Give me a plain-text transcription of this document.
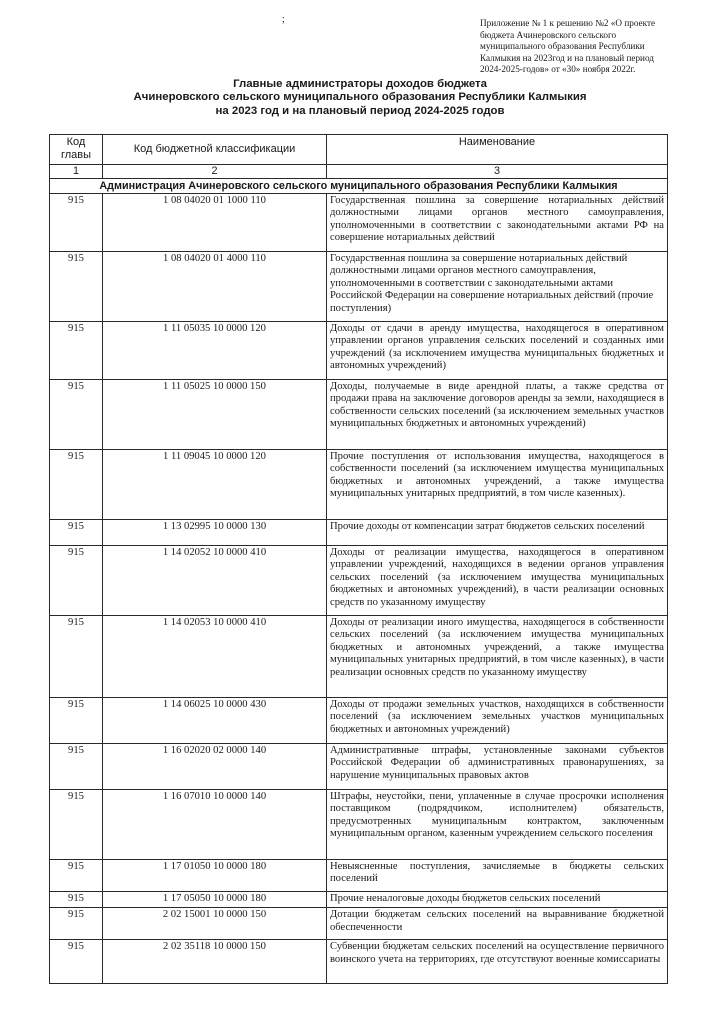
;	Приложение № 1 к решению №2 «О проекте
бюджета Ачинеровского сельского
муниципального образования Республики
Калмыкия на 2023год и на плановый период
2024-2025-годов» от «30» ноября 2022г.
Главные администраторы доходов бюджета
Ачинеровского сельского муниципального образования Республики Калмыкия
на 2023 год и на плановый период 2024-2025 годов
Код главы	Код бюджетной классификации	Наименование
1	2	3
Администрация Ачинеровского сельского муниципального образования Республики Калмыкия		
915	1 08 04020 01 1000 110	Государственная пошлина за совершение нотариальных действий должностными лицами органов местного самоуправления, уполномоченными в соответствии с законодательными актами РФ на совершение нотариальных действий
915	1 08 04020 01 4000 110	Государственная пошлина за совершение нотариальных действий должностными лицами органов местного самоуправления, уполномоченными в соответствии с законодательными актами Российской Федерации на совершение нотариальных действий (прочие поступления)
915	1 11 05035 10 0000 120	Доходы от сдачи в аренду имущества, находящегося в оперативном управлении органов управления сельских поселений и созданных ими учреждений (за исключением имущества муниципальных бюджетных и автономных учреждений)
915	1 11 05025 10 0000 150	Доходы, получаемые в виде арендной платы, а также средства от продажи права на заключение договоров аренды за земли, находящиеся в собственности сельских поселений (за исключением земельных участков муниципальных бюджетных и автономных учреждений)
915	1 11 09045 10 0000 120	Прочие поступления от использования имущества, находящегося в собственности поселений (за исключением имущества муниципальных бюджетных и автономных учреждений, а также имущества муниципальных унитарных предприятий, в том числе казенных).
915	1 13 02995 10 0000 130	Прочие доходы от компенсации затрат бюджетов сельских поселений
915	1 14 02052 10 0000 410	Доходы от реализации имущества, находящегося в оперативном управлении учреждений, находящихся в ведении органов управления сельских поселений (за исключением имущества муниципальных бюджетных и автономных учреждений), в части реализации основных средств по указанному имуществу
915	1 14 02053 10 0000 410	Доходы от реализации иного имущества, находящегося в собственности сельских поселений (за исключением имущества муниципальных бюджетных и автономных учреждений, а также имущества муниципальных унитарных предприятий, в том числе казенных), в части реализации основных средств по указанному имуществу
915	1 14 06025 10 0000 430	Доходы от продажи земельных участков, находящихся в собственности поселений (за исключением земельных участков муниципальных бюджетных и автономных учреждений)
915	1 16 02020 02 0000 140	Административные штрафы, установленные законами субъектов Российской Федерации об административных правонарушениях, за нарушение муниципальных правовых актов
915	1 16 07010 10 0000 140	Штрафы, неустойки, пени, уплаченные в случае просрочки исполнения поставщиком (подрядчиком, исполнителем) обязательств, предусмотренных муниципальным контрактом, заключенным муниципальным органом, казенным учреждением сельского поселения
915	1 17 01050 10 0000 180	Невыясненные поступления, зачисляемые в бюджеты сельских поселений
915	1 17 05050 10 0000 180	Прочие неналоговые доходы бюджетов сельских поселений
915	2 02 15001 10 0000 150	Дотации бюджетам сельских поселений на выравнивание бюджетной обеспеченности
915	2 02 35118 10 0000 150	Субвенции бюджетам сельских поселений на осуществление первичного воинского учета на территориях, где отсутствуют военные комиссариаты
